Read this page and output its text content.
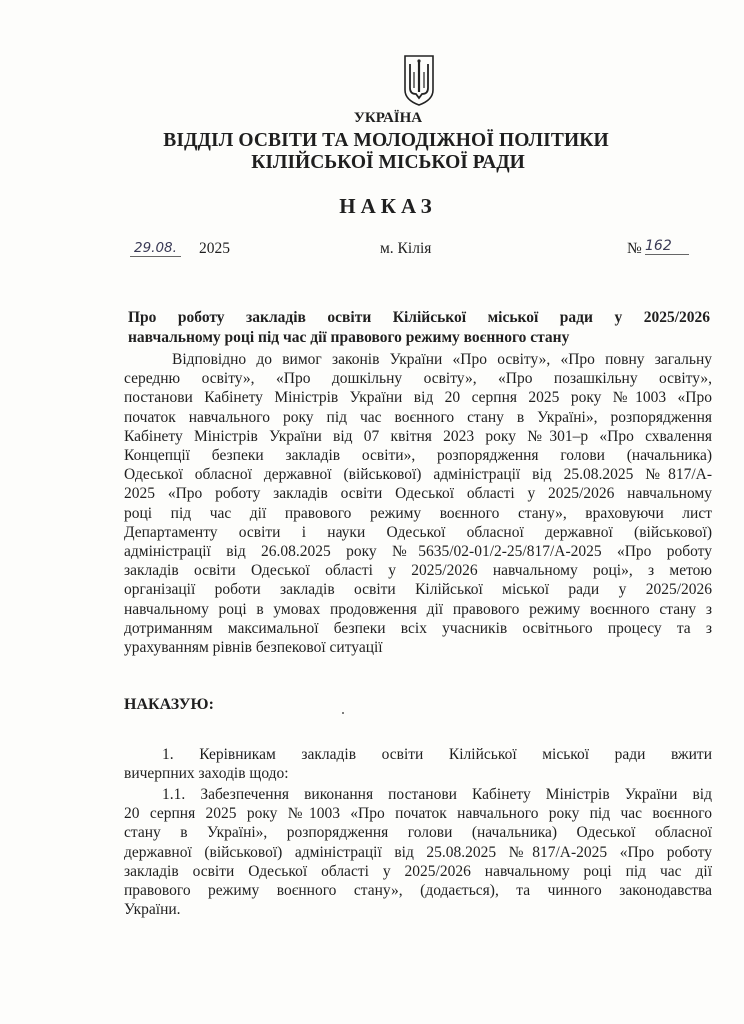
УКРАЇНА
ВІДДІЛ ОСВІТИ ТА МОЛОДІЖНОЇ ПОЛІТИКИ
КІЛІЙСЬКОЇ МІСЬКОЇ РАДИ
НАКАЗ
29.08. 2025	м. Кілія	№ 162
Про роботу закладів освіти Кілійської міської ради у 2025/2026
навчальному році під час дії правового режиму воєнного стану
Відповідно до вимог законів України «Про освіту», «Про повну загальну
середню освіту», «Про дошкільну освіту», «Про позашкільну освіту»,
постанови Кабінету Міністрів України від 20 серпня 2025 року №1003 «Про
початок навчального року під час воєнного стану в Україні», розпорядження
Кабінету Міністрів України від 07 квітня 2023 року №301–р «Про схвалення
Концепції безпеки закладів освіти», розпорядження голови (начальника)
Одеської обласної державної (військової) адміністрації від 25.08.2025 №817/А-
2025 «Про роботу закладів освіти Одеської області у 2025/2026 навчальному
році під час дії правового режиму воєнного стану», враховуючи лист
Департаменту освіти і науки Одеської обласної державної (військової)
адміністрації від 26.08.2025 року №5635/02-01/2-25/817/А-2025 «Про роботу
закладів освіти Одеської області у 2025/2026 навчальному році», з метою
організації роботи закладів освіти Кілійської міської ради у 2025/2026
навчальному році в умовах продовження дії правового режиму воєнного стану з
дотриманням максимальної безпеки всіх учасників освітнього процесу та з
урахуванням рівнів безпекової ситуації
НАКАЗУЮ:
1. Керівникам закладів освіти Кілійської міської ради вжити
вичерпних заходів щодо:
1.1. Забезпечення виконання постанови Кабінету Міністрів України від
20 серпня 2025 року №1003 «Про початок навчального року під час воєнного
стану в Україні», розпорядження голови (начальника) Одеської обласної
державної (військової) адміністрації від 25.08.2025 №817/А-2025 «Про роботу
закладів освіти Одеської області у 2025/2026 навчальному році під час дії
правового режиму воєнного стану», (додається), та чинного законодавства
України.
